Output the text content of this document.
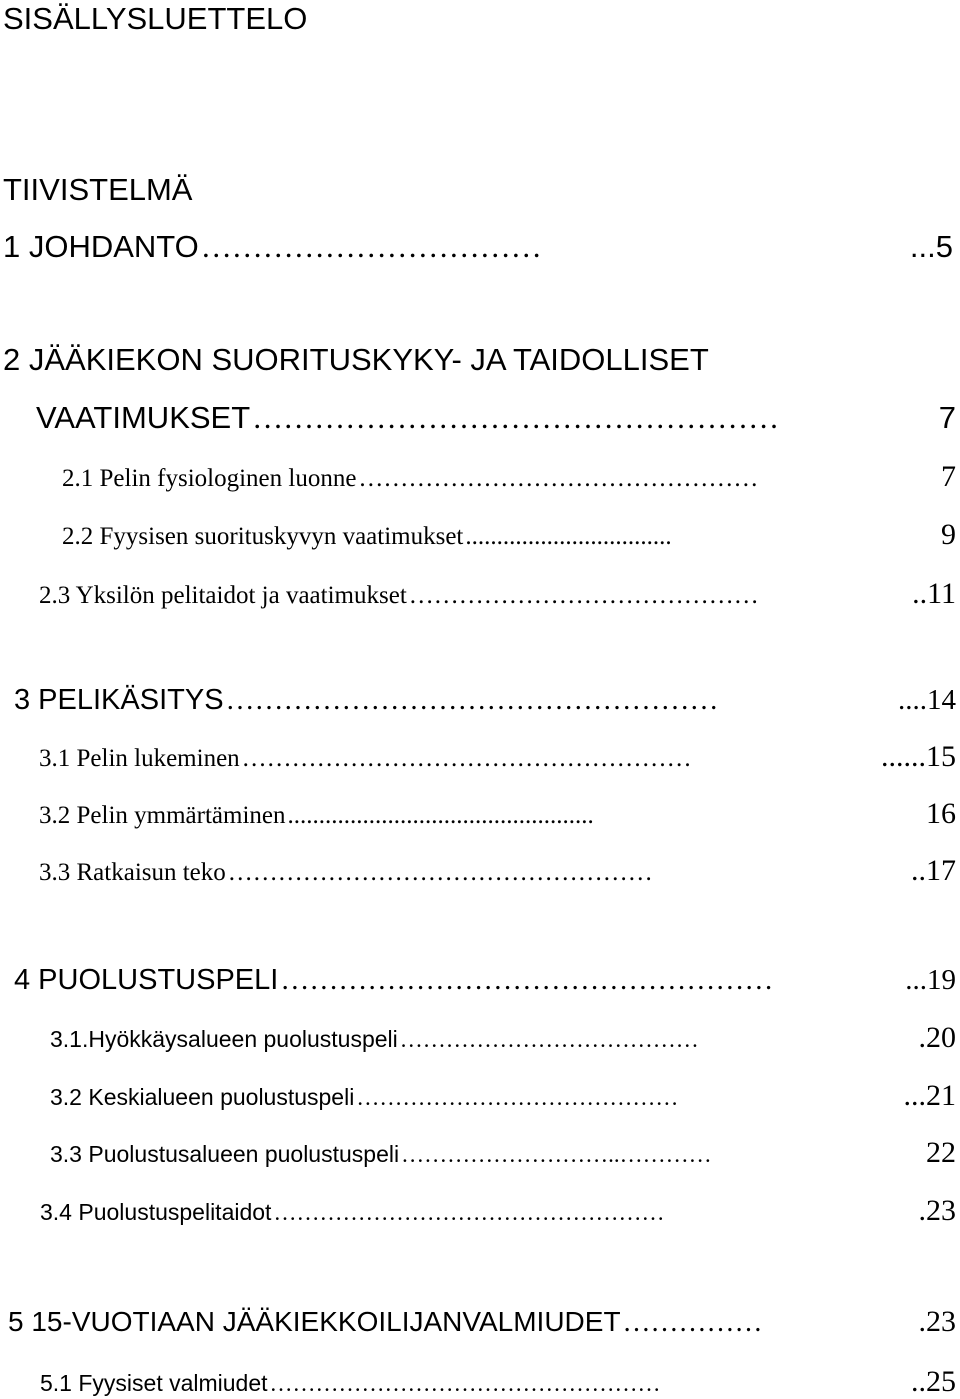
SISÄLLYSLUETTELO
TIIVISTELMÄ
1 JOHDANTO ……………………………	...5
2 JÄÄKIEKON SUORITUSKYKY- JA TAIDOLLISET
VAATIMUKSET ……………………………………………	7
2.1 Pelin fysiologinen luonne …………………………………………	7
2.2 Fyysisen suorituskyvyn vaatimukset .................................	9
2.3 Yksilön pelitaidot ja vaatimukset ……………………………………	..11
3 PELIKÄSITYS ……………………………………………	....14
3.1 Pelin lukeminen ………………………………………………	......15
3.2 Pelin ymmärtäminen .................................................	16
3.3 Ratkaisun teko ……………………………………………	..17
4 PUOLUSTUSPELI ……………………………………………	...19
3.1.Hyökkäysalueen puolustuspeli …………………………………	.20
3.2 Keskialueen puolustuspeli ……………………………………	...21
3.3 Puolustusalueen puolustuspeli ………………………..…………	22
3.4 Puolustuspelitaidot ……………………………………………	.23
5 15-VUOTIAAN JÄÄKIEKKOILIJANVALMIUDET ……………	.23
5.1 Fyysiset valmiudet ……………………………………………	..25
